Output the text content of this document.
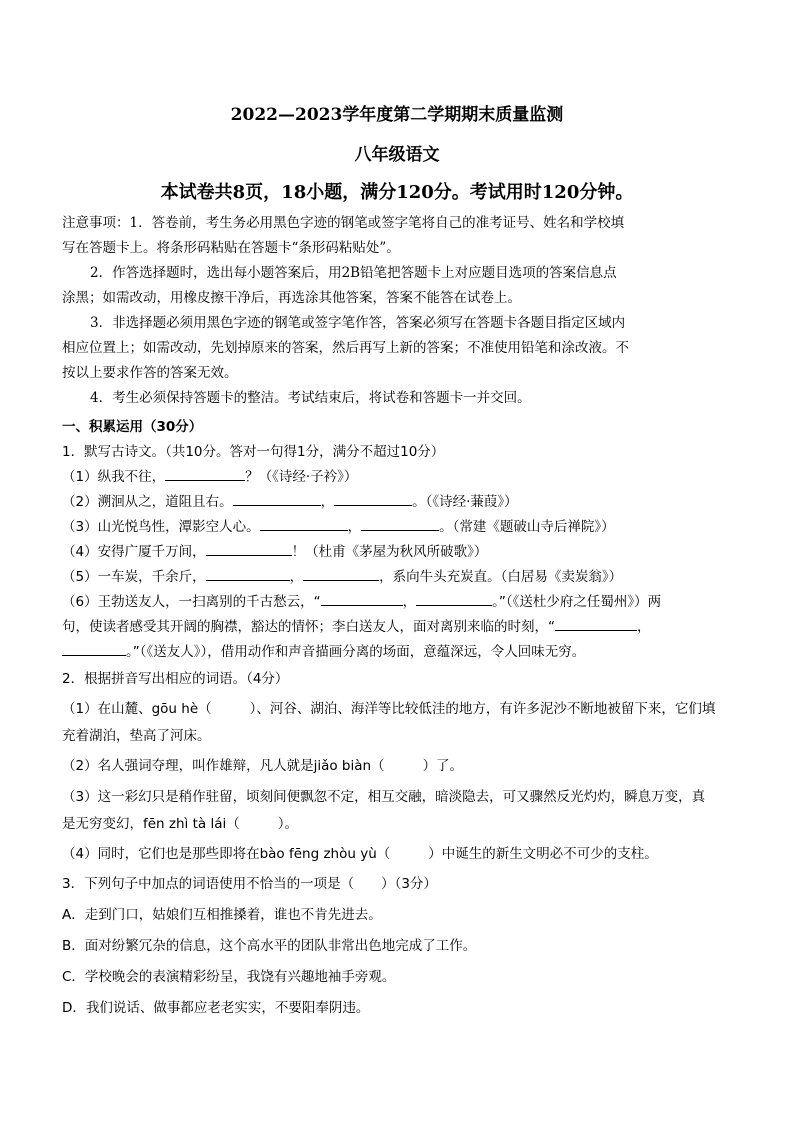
2022—2023学年度第二学期期末质量监测
八年级语文
本试卷共8页，18小题，满分120分。考试用时120分钟。

注意事项：1．答卷前，考生务必用黑色字迹的钢笔或签字笔将自己的准考证号、姓名和学校填

写在答题卡上。将条形码粘贴在答题卡“条形码粘贴处”。

2．作答选择题时，选出每小题答案后，用2B铅笔把答题卡上对应题目选项的答案信息点

涂黑；如需改动，用橡皮擦干净后，再选涂其他答案，答案不能答在试卷上。

3．非选择题必须用黑色字迹的钢笔或签字笔作答，答案必须写在答题卡各题目指定区域内

相应位置上；如需改动，先划掉原来的答案，然后再写上新的答案；不准使用铅笔和涂改液。不

按以上要求作答的答案无效。

4．考生必须保持答题卡的整洁。考试结束后，将试卷和答题卡一并交回。

一、积累运用（30分）
1．默写古诗文。（共10分。答对一句得1分，满分不超过10分）
（1）纵我不往，	？（《诗经·子衿》）
（2）溯洄从之，道阻且右。	，	。（《诗经·蒹葭》）
（3）山光悦鸟性，潭影空人心。	，	。（常建《题破山寺后禅院》）
（4）安得广厦千万间，	！（杜甫《茅屋为秋风所破歌》）
（5）一车炭，千余斤，	，	，系向牛头充炭直。（白居易《卖炭翁》）
（6）王勃送友人，一扫离别的千古愁云，“	，	。”（《送杜少府之任蜀州》）两
句，使读者感受其开阔的胸襟，豁达的情怀；李白送友人，面对离别来临的时刻，“	，
。”（《送友人》），借用动作和声音描画分离的场面，意蕴深远，令人回味无穷。
2．根据拼音写出相应的词语。（4分）
（1）在山麓、gōu hè（	）、河谷、湖泊、海洋等比较低洼的地方，有许多泥沙不断地被留下来，它们填
充着湖泊，垫高了河床。
（2）名人强词夺理，叫作雄辩，凡人就是jiǎo biàn（	）了。
（3）这一彩幻只是稍作驻留，顷刻间便飘忽不定，相互交融，暗淡隐去，可又骤然反光灼灼，瞬息万变，真
是无穷变幻，fēn zhì tà lái（	）。
（4）同时，它们也是那些即将在bào fēng zhòu yù（	）中诞生的新生文明必不可少的支柱。
3．下列句子中加点的词语使用不恰当的一项是（　　）（3分）
A．走到门口，姑娘们互相推搡着，谁也不肯先进去。
B．面对纷繁冗杂的信息，这个高水平的团队非常出色地完成了工作。
C．学校晚会的表演精彩纷呈，我饶有兴趣地袖手旁观。
D．我们说话、做事都应老老实实，不要阳奉阴违。
